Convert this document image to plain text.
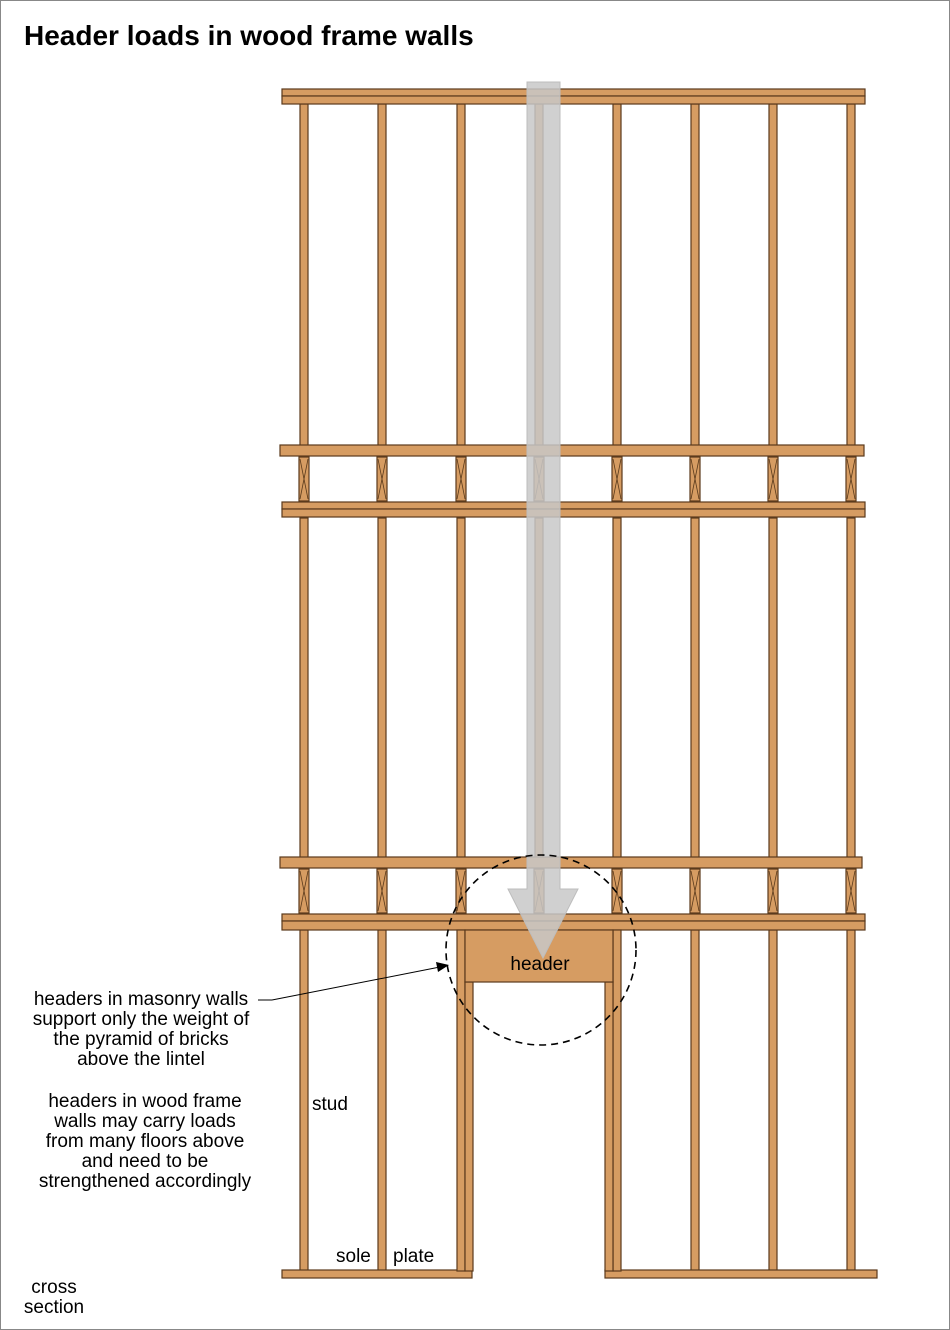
Header loads in wood frame walls
headers in masonry walls
support only the weight of
the pyramid of bricks
above the lintel
headers in wood frame
walls may carry loads
from many floors above
and need to be
strengthened accordingly
header
stud
sole plate
cross
section
